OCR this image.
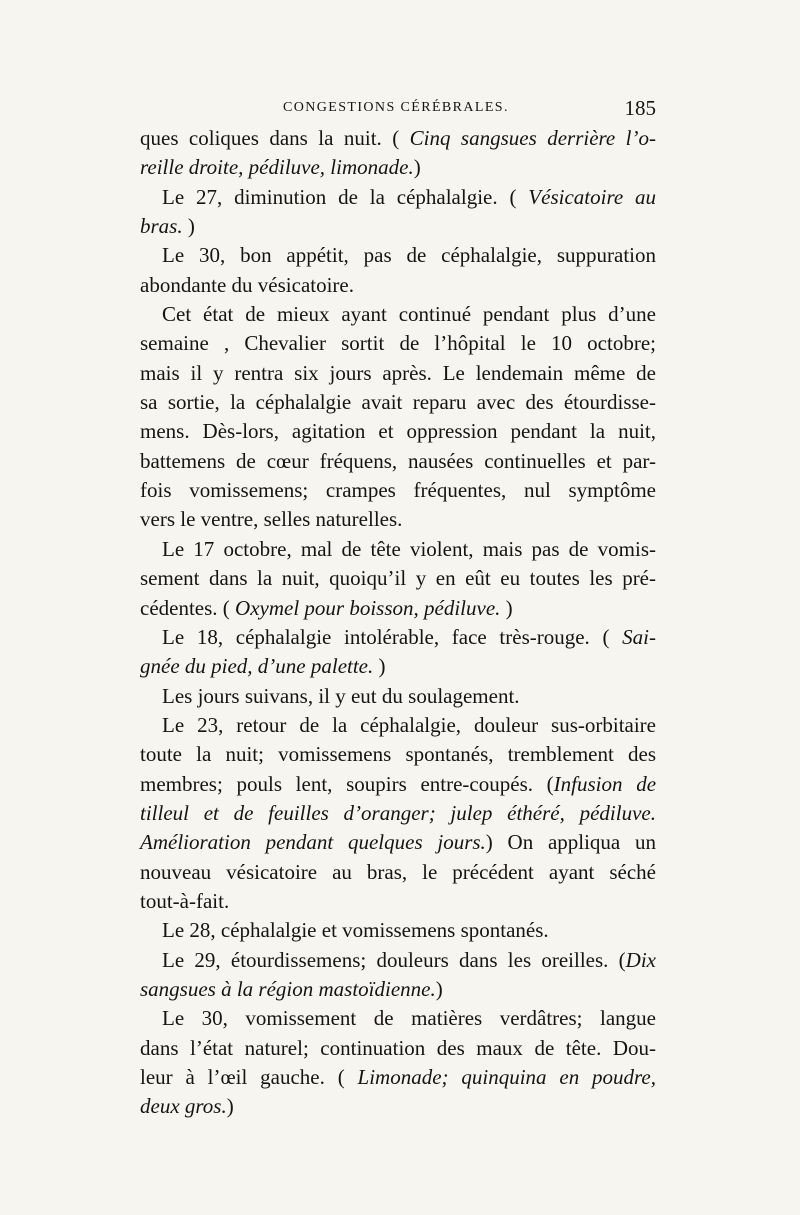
CONGESTIONS CÉRÉBRALES.	185
ques coliques dans la nuit. ( Cinq sangsues derrière l’o-
reille droite, pédiluve, limonade.)
Le 27, diminution de la céphalalgie. ( Vésicatoire au
bras. )
Le 30, bon appétit, pas de céphalalgie, suppuration
abondante du vésicatoire.
Cet état de mieux ayant continué pendant plus d’une
semaine , Chevalier sortit de l’hôpital le 10 octobre;
mais il y rentra six jours après. Le lendemain même de
sa sortie, la céphalalgie avait reparu avec des étourdisse-
mens. Dès-lors, agitation et oppression pendant la nuit,
battemens de cœur fréquens, nausées continuelles et par-
fois vomissemens; crampes fréquentes, nul symptôme
vers le ventre, selles naturelles.
Le 17 octobre, mal de tête violent, mais pas de vomis-
sement dans la nuit, quoiqu’il y en eût eu toutes les pré-
cédentes. ( Oxymel pour boisson, pédiluve. )
Le 18, céphalalgie intolérable, face très-rouge. ( Sai-
gnée du pied, d’une palette. )
Les jours suivans, il y eut du soulagement.
Le 23, retour de la céphalalgie, douleur sus-orbitaire
toute la nuit; vomissemens spontanés, tremblement des
membres; pouls lent, soupirs entre-coupés. (Infusion de
tilleul et de feuilles d’oranger; julep éthéré, pédiluve.
Amélioration pendant quelques jours.) On appliqua un
nouveau vésicatoire au bras, le précédent ayant séché
tout-à-fait.
Le 28, céphalalgie et vomissemens spontanés.
Le 29, étourdissemens; douleurs dans les oreilles. (Dix
sangsues à la région mastoïdienne.)
Le 30, vomissement de matières verdâtres; langue
dans l’état naturel; continuation des maux de tête. Dou-
leur à l’œil gauche. ( Limonade; quinquina en poudre,
deux gros.)
